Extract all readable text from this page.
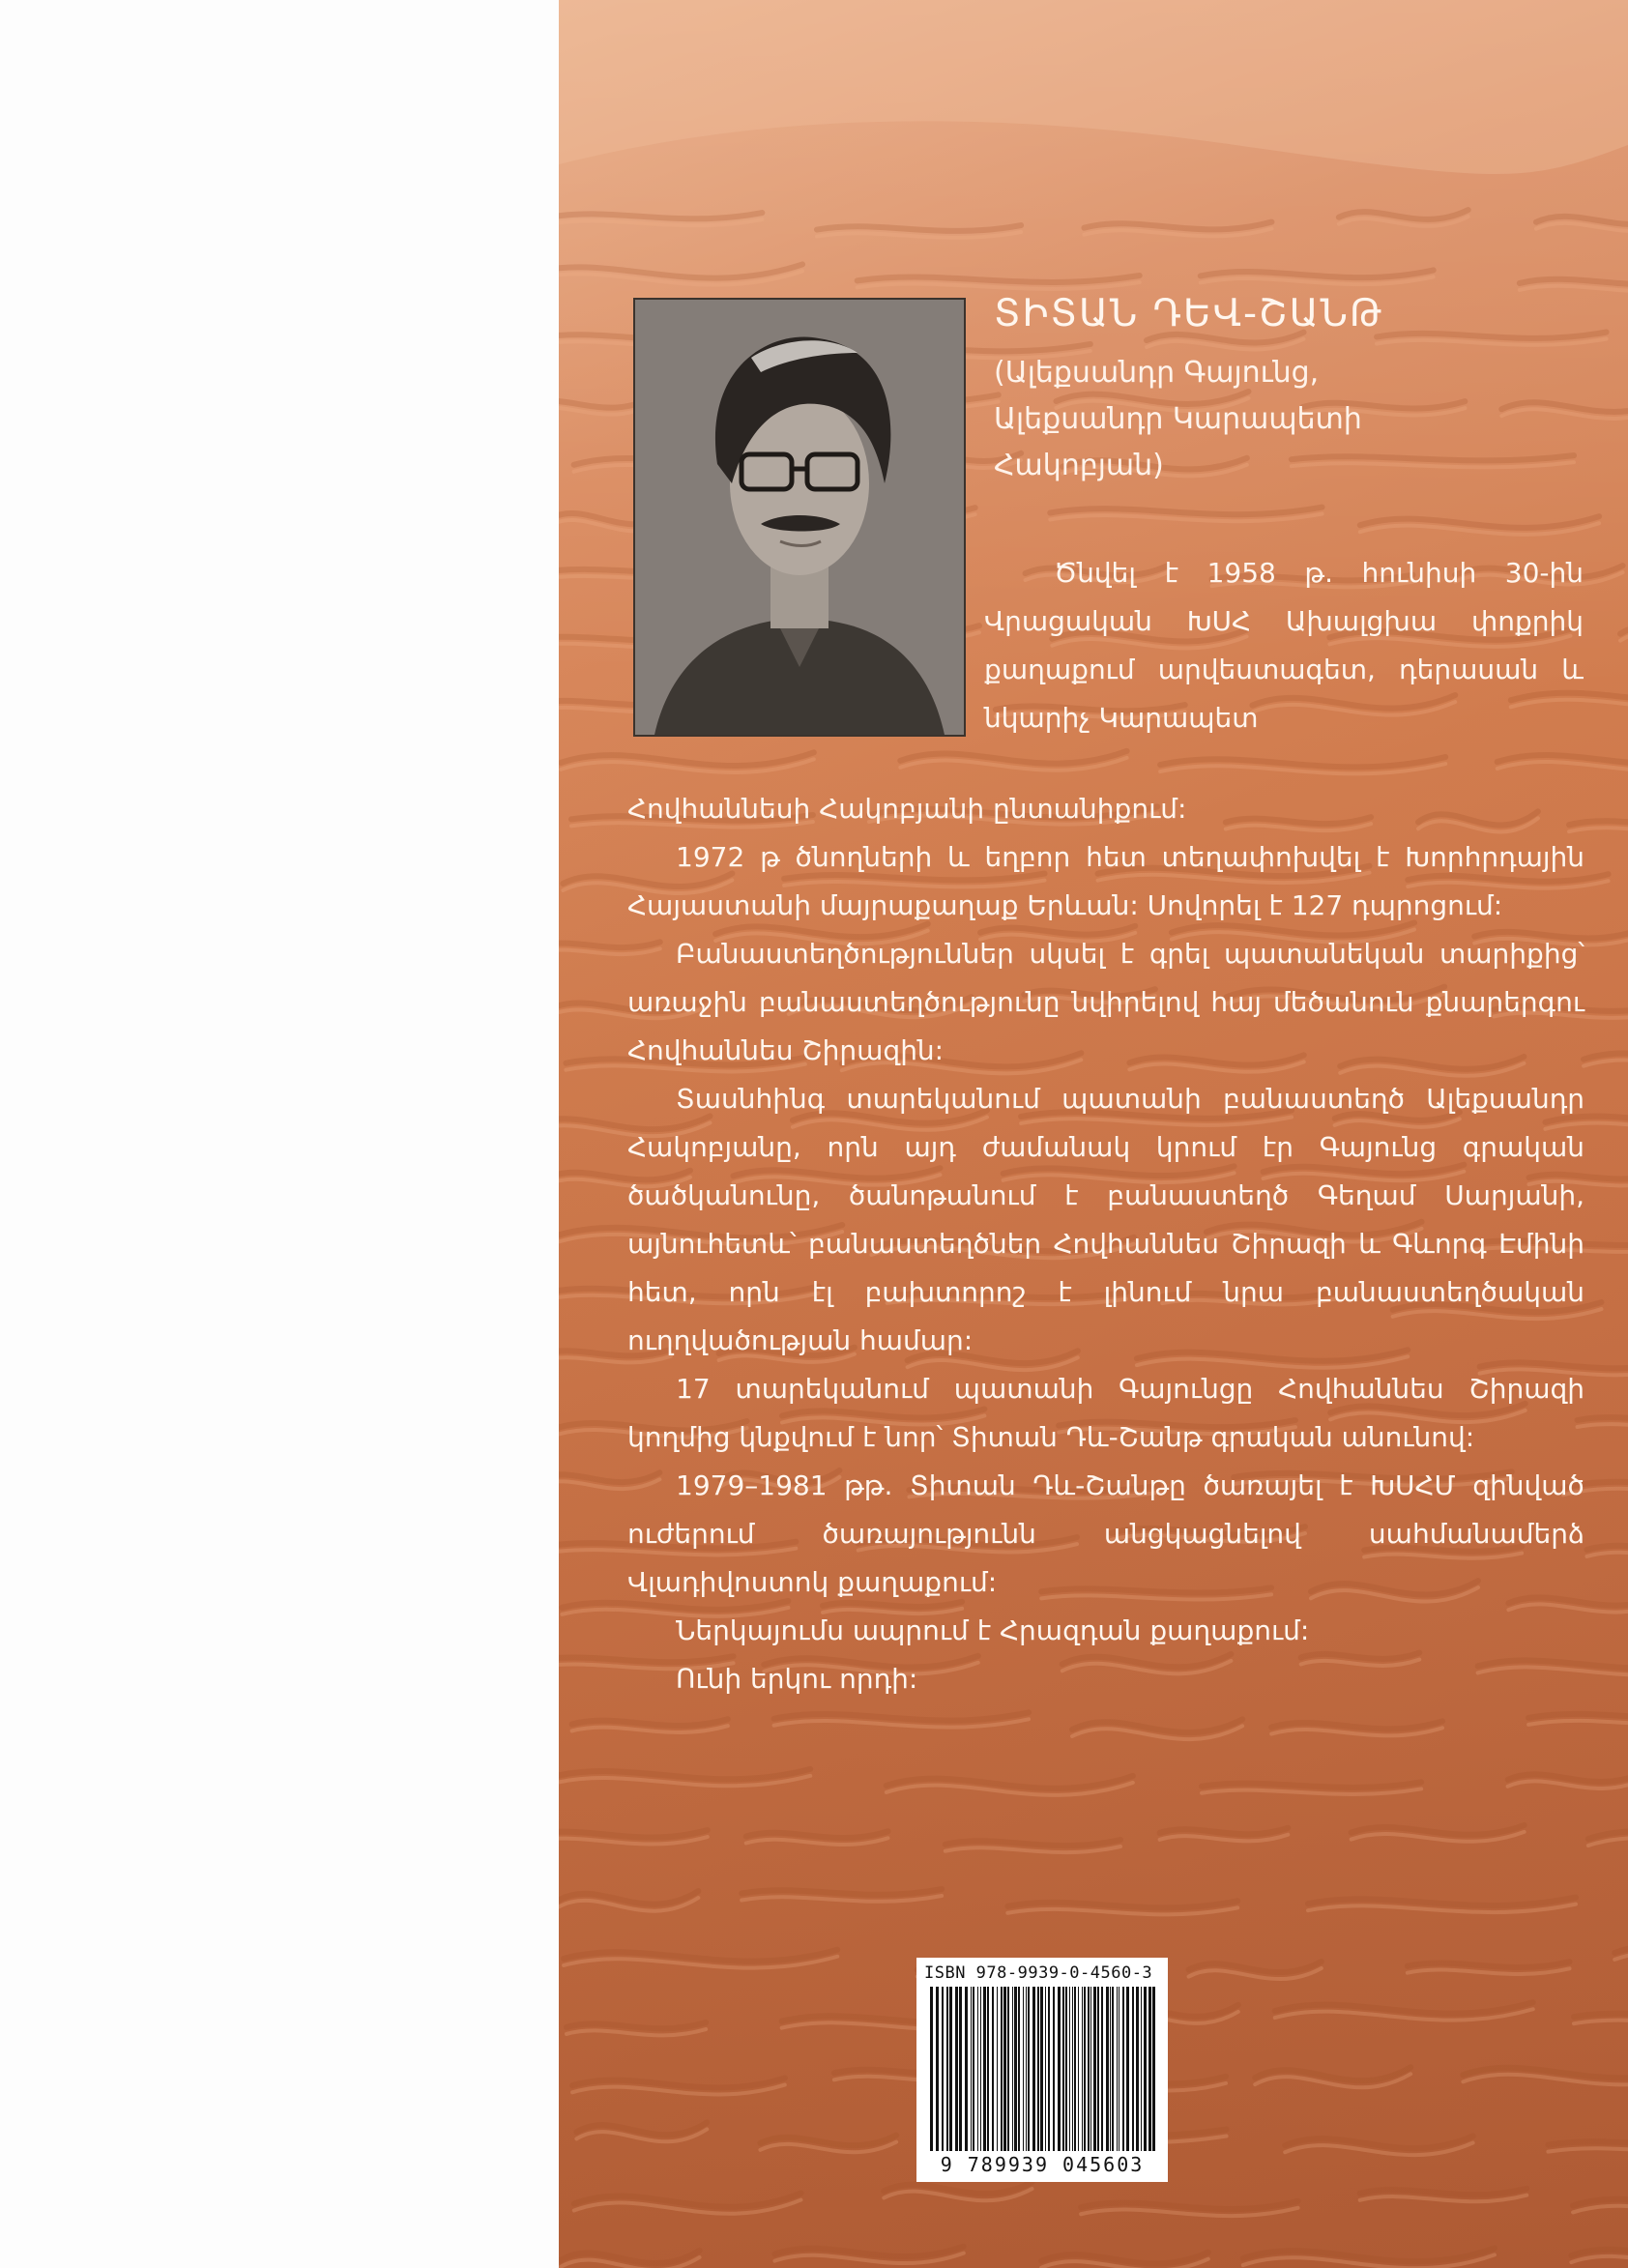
ՏԻՏԱՆ ԴԵՎ-ՇԱՆԹ
(Ալեքսանդր Գայունց,
Ալեքսանդր Կարապետի
Հակոբյան)

Ծնվել է 1958 թ. հունիսի 30-ին Վրացական ԽՍՀ Ախալցխա փոքրիկ քաղաքում արվեստագետ, դերասան և նկարիչ Կարապետ

Հովհաննեսի Հակոբյանի ընտանիքում:

1972 թ ծնողների և եղբոր հետ տեղափոխվել է Խորհրդային Հայաստանի մայրաքաղաք Երևան: Սովորել է 127 դպրոցում:

Բանաստեղծություններ սկսել է գրել պատանեկան տարիքից՝ առաջին բանաստեղծությունը նվիրելով հայ մեծանուն քնարերգու Հովհաննես Շիրազին:

Տասնհինգ տարեկանում պատանի բանաստեղծ Ալեքսանդր Հակոբյանը, որն այդ ժամանակ կրում էր Գայունց գրական ծածկանունը, ծանոթանում է բանաստեղծ Գեղամ Սարյանի, այնուհետև՝ բանաստեղծներ Հովհաննես Շիրազի և Գևորգ Էմինի հետ, որն էլ բախտորոշ է լինում նրա բանաստեղծական ուղղվածության համար:

17 տարեկանում պատանի Գայունցը Հովհաննես Շիրազի կողմից կնքվում է նոր՝ Տիտան Դև-Շանթ գրական անունով:

1979–1981 թթ. Տիտան Դև-Շանթը ծառայել է ԽՍՀՄ զինված ուժերում ծառայությունն անցկացնելով սահմանամերձ Վլադիվոստոկ քաղաքում:

Ներկայումս ապրում է Հրազդան քաղաքում:

Ունի երկու որդի:

ISBN 978-9939-0-4560-3
9 789939 045603
